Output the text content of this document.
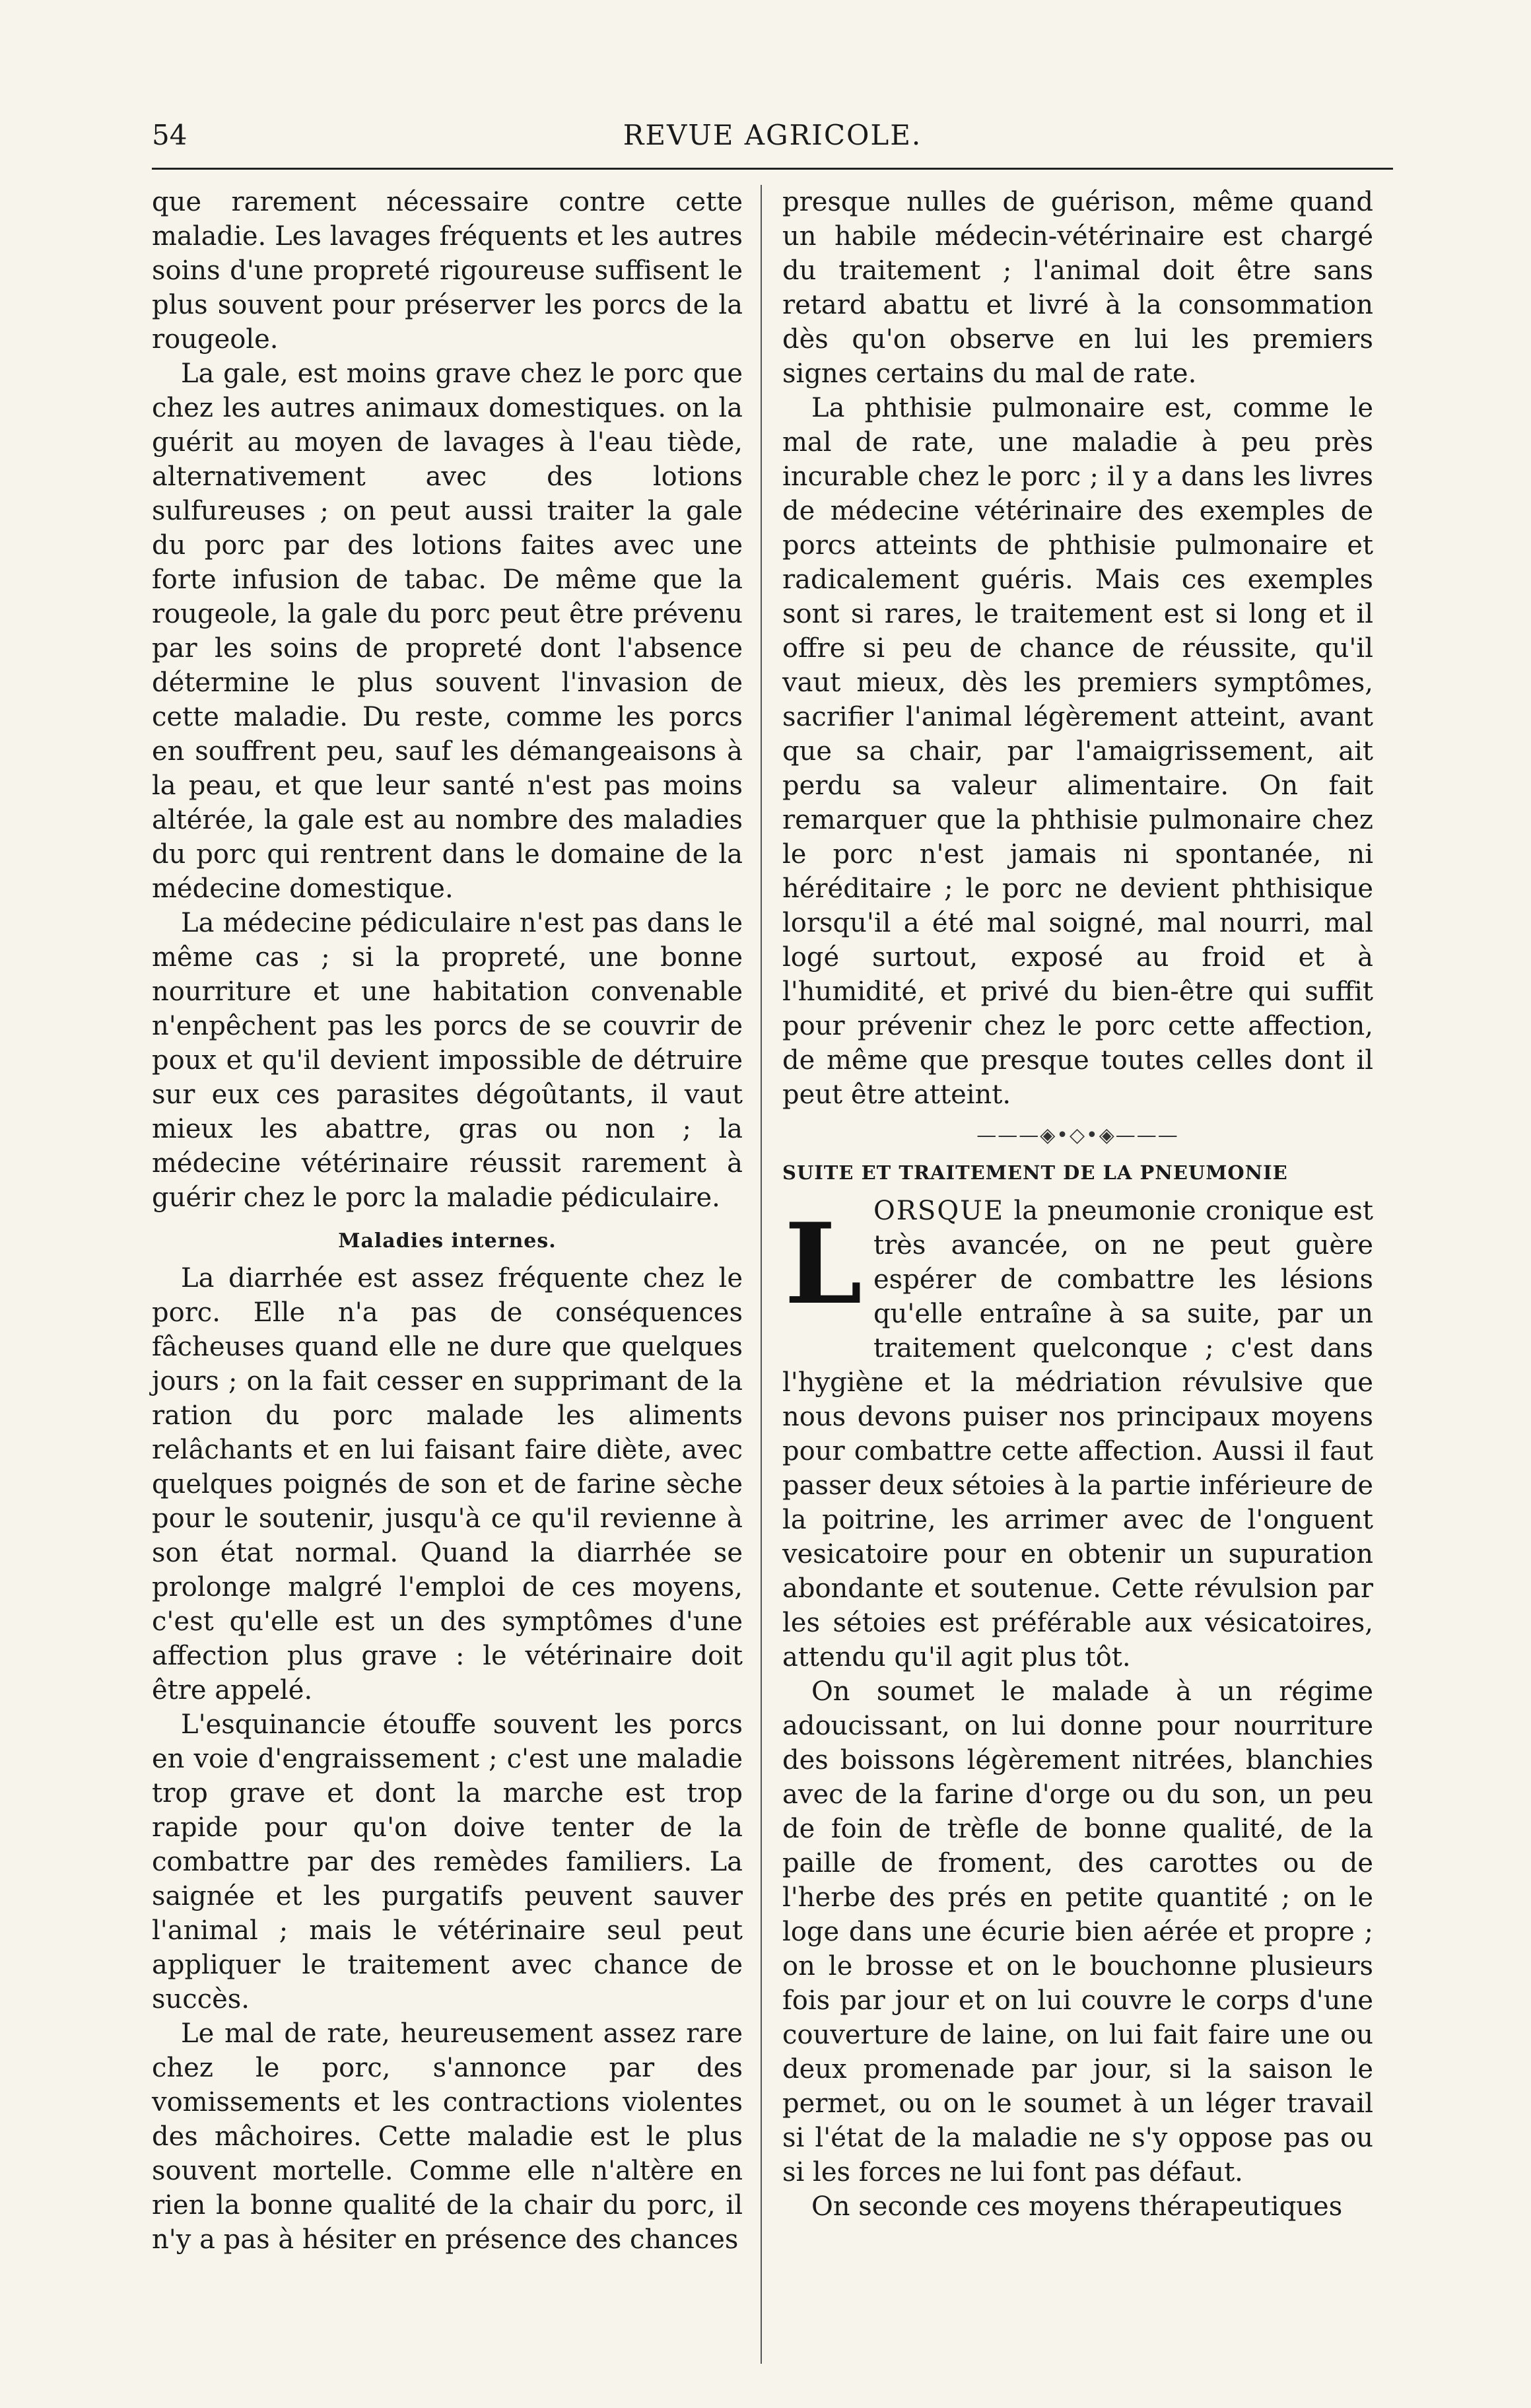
54	REVUE AGRICOLE.

que rarement nécessaire contre cette maladie. Les lavages fréquents et les autres soins d'une propreté rigoureuse suffisent le plus souvent pour préserver les porcs de la rougeole.

La gale, est moins grave chez le porc que chez les autres animaux domestiques. on la guérit au moyen de lavages à l'eau tiède, alternativement avec des lotions sulfureuses ; on peut aussi traiter la gale du porc par des lotions faites avec une forte infusion de tabac. De même que la rougeole, la gale du porc peut être prévenu par les soins de propreté dont l'absence détermine le plus souvent l'invasion de cette maladie. Du reste, comme les porcs en souffrent peu, sauf les démangeaisons à la peau, et que leur santé n'est pas moins altérée, la gale est au nombre des maladies du porc qui rentrent dans le domaine de la médecine domestique.

La médecine pédiculaire n'est pas dans le même cas ; si la propreté, une bonne nourriture et une habitation convenable n'enpêchent pas les porcs de se couvrir de poux et qu'il devient impossible de détruire sur eux ces parasites dégoûtants, il vaut mieux les abattre, gras ou non ; la médecine vétérinaire réussit rarement à guérir chez le porc la maladie pédiculaire.

Maladies internes.

La diarrhée est assez fréquente chez le porc. Elle n'a pas de conséquences fâcheuses quand elle ne dure que quelques jours ; on la fait cesser en supprimant de la ration du porc malade les aliments relâchants et en lui faisant faire diète, avec quelques poignés de son et de farine sèche pour le soutenir, jusqu'à ce qu'il revienne à son état normal. Quand la diarrhée se prolonge malgré l'emploi de ces moyens, c'est qu'elle est un des symptômes d'une affection plus grave : le vétérinaire doit être appelé.

L'esquinancie étouffe souvent les porcs en voie d'engraissement ; c'est une maladie trop grave et dont la marche est trop rapide pour qu'on doive tenter de la combattre par des remèdes familiers. La saignée et les purgatifs peuvent sauver l'animal ; mais le vétérinaire seul peut appliquer le traitement avec chance de succès.

Le mal de rate, heureusement assez rare chez le porc, s'annonce par des vomissements et les contractions violentes des mâchoires. Cette maladie est le plus souvent mortelle. Comme elle n'altère en rien la bonne qualité de la chair du porc, il n'y a pas à hésiter en présence des chances

presque nulles de guérison, même quand un habile médecin-vétérinaire est chargé du traitement ; l'animal doit être sans retard abattu et livré à la consommation dès qu'on observe en lui les premiers signes certains du mal de rate.

La phthisie pulmonaire est, comme le mal de rate, une maladie à peu près incurable chez le porc ; il y a dans les livres de médecine vétérinaire des exemples de porcs atteints de phthisie pulmonaire et radicalement guéris. Mais ces exemples sont si rares, le traitement est si long et il offre si peu de chance de réussite, qu'il vaut mieux, dès les premiers symptômes, sacrifier l'animal légèrement atteint, avant que sa chair, par l'amaigrissement, ait perdu sa valeur alimentaire. On fait remarquer que la phthisie pulmonaire chez le porc n'est jamais ni spontanée, ni héréditaire ; le porc ne devient phthisique lorsqu'il a été mal soigné, mal nourri, mal logé surtout, exposé au froid et à l'humidité, et privé du bien-être qui suffit pour prévenir chez le porc cette affection, de même que presque toutes celles dont il peut être atteint.

———◈•◇•◈———
SUITE ET TRAITEMENT DE LA PNEUMONIE

LORSQUE la pneumonie cronique est très avancée, on ne peut guère espérer de combattre les lésions qu'elle entraîne à sa suite, par un traitement quelconque ; c'est dans l'hygiène et la médriation révulsive que nous devons puiser nos principaux moyens pour combattre cette affection. Aussi il faut passer deux sétoies à la partie inférieure de la poitrine, les arrimer avec de l'onguent vesicatoire pour en obtenir un supuration abondante et soutenue. Cette révulsion par les sétoies est préférable aux vésicatoires, attendu qu'il agit plus tôt.

On soumet le malade à un régime adoucissant, on lui donne pour nourriture des boissons légèrement nitrées, blanchies avec de la farine d'orge ou du son, un peu de foin de trèfle de bonne qualité, de la paille de froment, des carottes ou de l'herbe des prés en petite quantité ; on le loge dans une écurie bien aérée et propre ; on le brosse et on le bouchonne plusieurs fois par jour et on lui couvre le corps d'une couverture de laine, on lui fait faire une ou deux promenade par jour, si la saison le permet, ou on le soumet à un léger travail si l'état de la maladie ne s'y oppose pas ou si les forces ne lui font pas défaut.

On seconde ces moyens thérapeutiques
